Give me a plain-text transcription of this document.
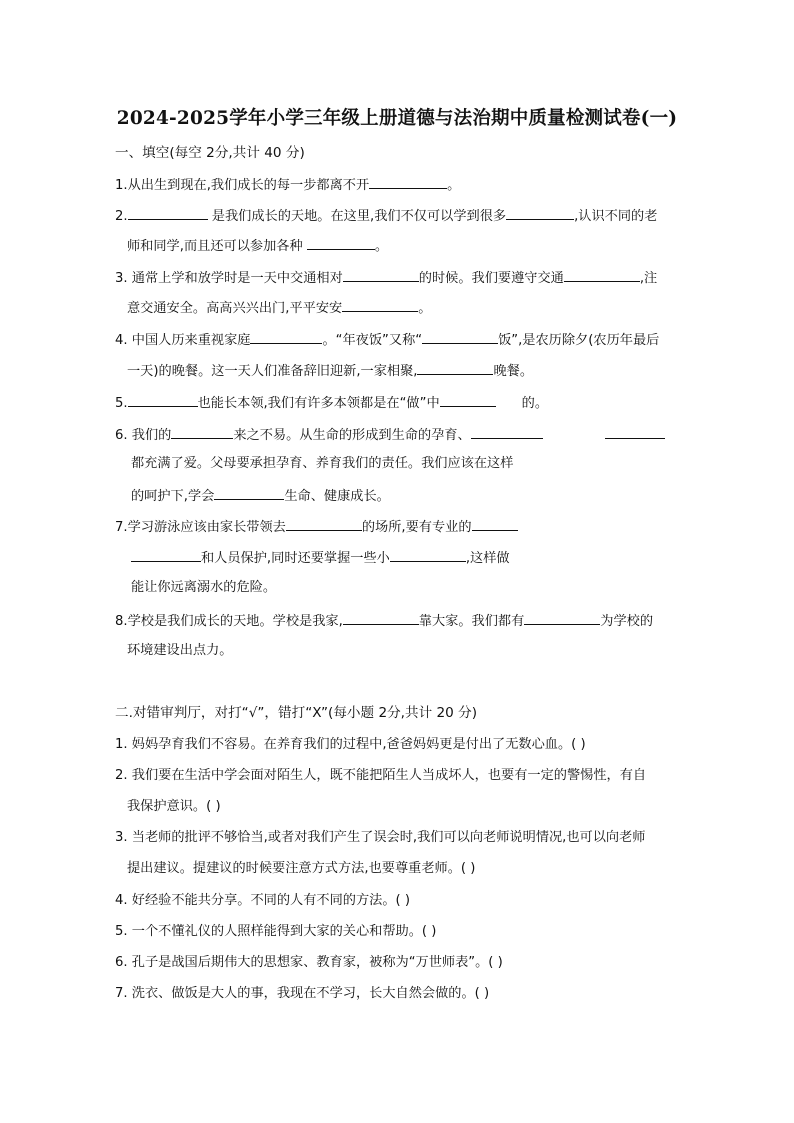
2024-2025学年小学三年级上册道德与法治期中质量检测试卷(一)
一、填空(每空 2分,共计 40 分)
1.从出生到现在,我们成长的每一步都离不开	。
2.	是我们成长的天地。在这里,我们不仅可以学到很多	,认识不同的老
师和同学,而且还可以参加各种	。
3. 通常上学和放学时是一天中交通相对	的时候。我们要遵守交通	,注
意交通安全。高高兴兴出门,平平安安	。
4. 中国人历来重视家庭	。“年夜饭”又称“	饭”,是农历除夕(农历年最后
一天)的晚餐。这一天人们准备辞旧迎新,一家相聚,	晚餐。
5.	也能长本领,我们有许多本领都是在“做”中	的。
6. 我们的	来之不易。从生命的形成到生命的孕育、
都充满了爱。父母要承担孕育、养育我们的责任。我们应该在这样
的呵护下,学会	生命、健康成长。
7.学习游泳应该由家长带领去	的场所,要有专业的
和人员保护,同时还要掌握一些小	,这样做
能让你远离溺水的危险。
8.学校是我们成长的天地。学校是我家,	靠大家。我们都有	为学校的
环境建设出点力。
二.对错审判厅，对打“√”，错打“X”(每小题 2分,共计 20 分)
1. 妈妈孕育我们不容易。在养育我们的过程中,爸爸妈妈更是付出了无数心血。( )
2. 我们要在生活中学会面对陌生人，既不能把陌生人当成坏人，也要有一定的警惕性，有自
我保护意识。( )
3. 当老师的批评不够恰当,或者对我们产生了误会时,我们可以向老师说明情况,也可以向老师
提出建议。提建议的时候要注意方式方法,也要尊重老师。( )
4. 好经验不能共分享。不同的人有不同的方法。( )
5. 一个不懂礼仪的人照样能得到大家的关心和帮助。( )
6. 孔子是战国后期伟大的思想家、教育家，被称为“万世师表”。( )
7. 洗衣、做饭是大人的事，我现在不学习，长大自然会做的。( )
